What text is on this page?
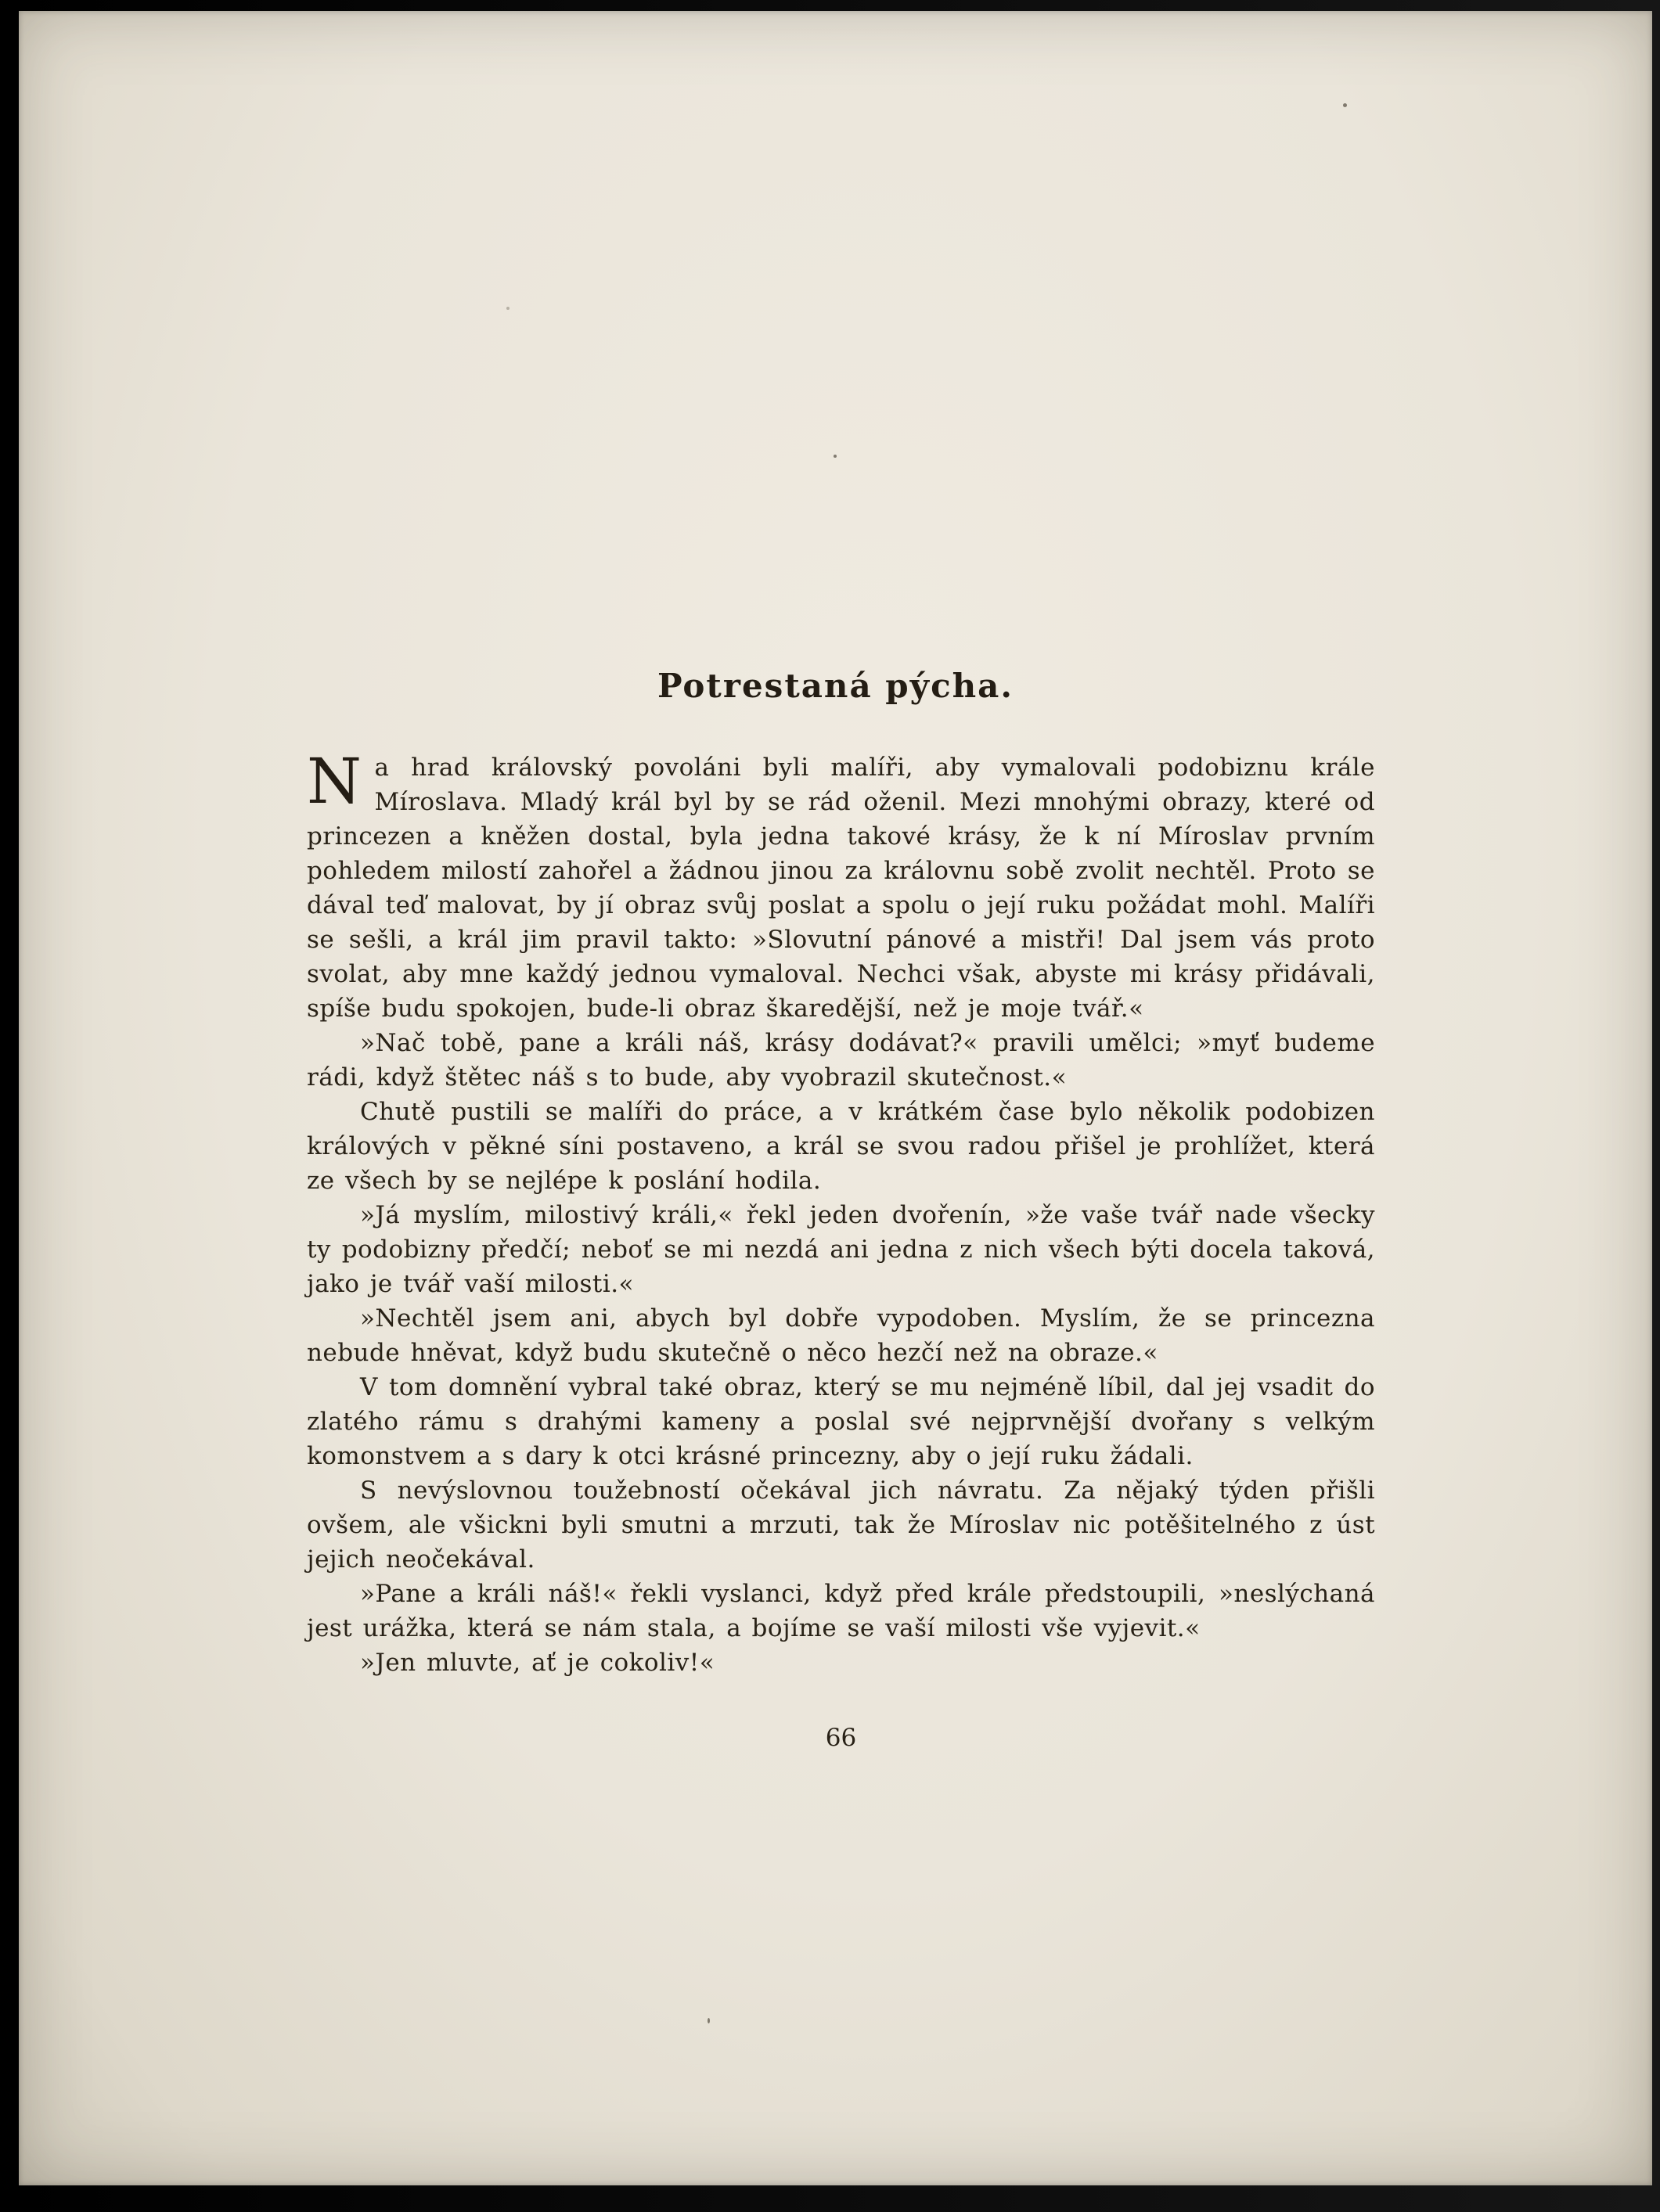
Potrestaná pýcha.

Na hrad královský povoláni byli malíři, aby vymalovali podobiznu krále Míroslava. Mladý král byl by se rád oženil. Mezi mnohými obrazy, které od princezen a kněžen dostal, byla jedna takové krásy, že k ní Míroslav prvním pohledem milostí zahořel a žádnou jinou za královnu sobě zvolit nechtěl. Proto se dával teď malovat, by jí obraz svůj poslat a spolu o její ruku požádat mohl. Malíři se sešli, a král jim pravil takto: »Slovutní pánové a mistři! Dal jsem vás proto svolat, aby mne každý jednou vymaloval. Nechci však, abyste mi krásy přidávali, spíše budu spokojen, bude-li obraz škaredější, než je moje tvář.«

»Nač tobě, pane a králi náš, krásy dodávat?« pravili umělci; »myť budeme rádi, když štětec náš s to bude, aby vyobrazil skutečnost.«

Chutě pustili se malíři do práce, a v krátkém čase bylo několik podobizen králových v pěkné síni postaveno, a král se svou radou přišel je prohlížet, která ze všech by se nejlépe k poslání hodila.

»Já myslím, milostivý králi,« řekl jeden dvořenín, »že vaše tvář nade všecky ty podobizny předčí; neboť se mi nezdá ani jedna z nich všech býti docela taková, jako je tvář vaší milosti.«

»Nechtěl jsem ani, abych byl dobře vypodoben. Myslím, že se princezna nebude hněvat, když budu skutečně o něco hezčí než na obraze.«

V tom domnění vybral také obraz, který se mu nejméně líbil, dal jej vsadit do zlatého rámu s drahými kameny a poslal své nejprvnější dvořany s velkým komonstvem a s dary k otci krásné princezny, aby o její ruku žádali.

S nevýslovnou toužebností očekával jich návratu. Za nějaký týden přišli ovšem, ale všickni byli smutni a mrzuti, tak že Míroslav nic potěšitelného z úst jejich neočekával.

»Pane a králi náš!« řekli vyslanci, když před krále předstoupili, »neslýchaná jest urážka, která se nám stala, a bojíme se vaší milosti vše vyjevit.«

»Jen mluvte, ať je cokoliv!«

66
